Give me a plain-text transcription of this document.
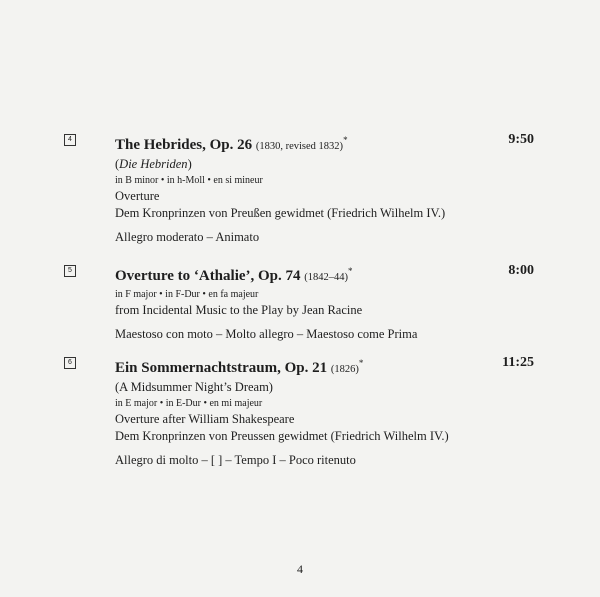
4	The Hebrides, Op. 26 (1830, revised 1832)*
(Die Hebriden)
in B minor • in h-Moll • en si mineur
Overture
Dem Kronprinzen von Preußen gewidmet (Friedrich Wilhelm IV.)
Allegro moderato – Animato
9:50
5	Overture to ‘Athalie’, Op. 74 (1842–44)*
in F major • in F-Dur • en fa majeur
from Incidental Music to the Play by Jean Racine
Maestoso con moto – Molto allegro – Maestoso come Prima
8:00
6	Ein Sommernachtstraum, Op. 21 (1826)*
(A Midsummer Night’s Dream)
in E major • in E-Dur • en mi majeur
Overture after William Shakespeare
Dem Kronprinzen von Preussen gewidmet (Friedrich Wilhelm IV.)
Allegro di molto – [ ] – Tempo I – Poco ritenuto
11:25
4
